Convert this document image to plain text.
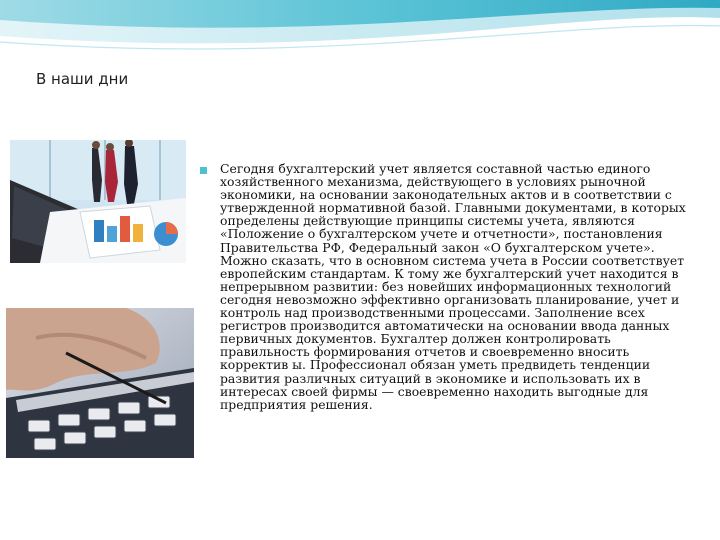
В наши дни

Сегодня бухгалтерский учет является составной частью единого хозяйственного механизма, действующего в условиях рыночной экономики, на основании законодательных актов и в соответствии с утвержденной нормативной базой. Главными документами, в которых определены действующие принципы системы учета, являются «Положение о бухгалтерском учете и отчетности», постановления Правительства РФ, Федеральный закон «О бухгалтерском учете». Можно сказать, что в основном система учета в России соответствует европейским стандартам. К тому же бухгалтерский учет находится в непрерывном развитии: без новейших информационных технологий сегодня невозможно эффективно организовать планирование, учет и контроль над производственными процессами. Заполнение всех регистров производится автоматически на основании ввода данных первичных документов. Бухгалтер должен контролировать правильность формирования отчетов и своевременно вносить корректив ы. Профессионал обязан уметь предвидеть тенденции развития различных ситуаций в экономике и использовать их в интересах своей фирмы — своевременно находить выгодные для предприятия решения.
